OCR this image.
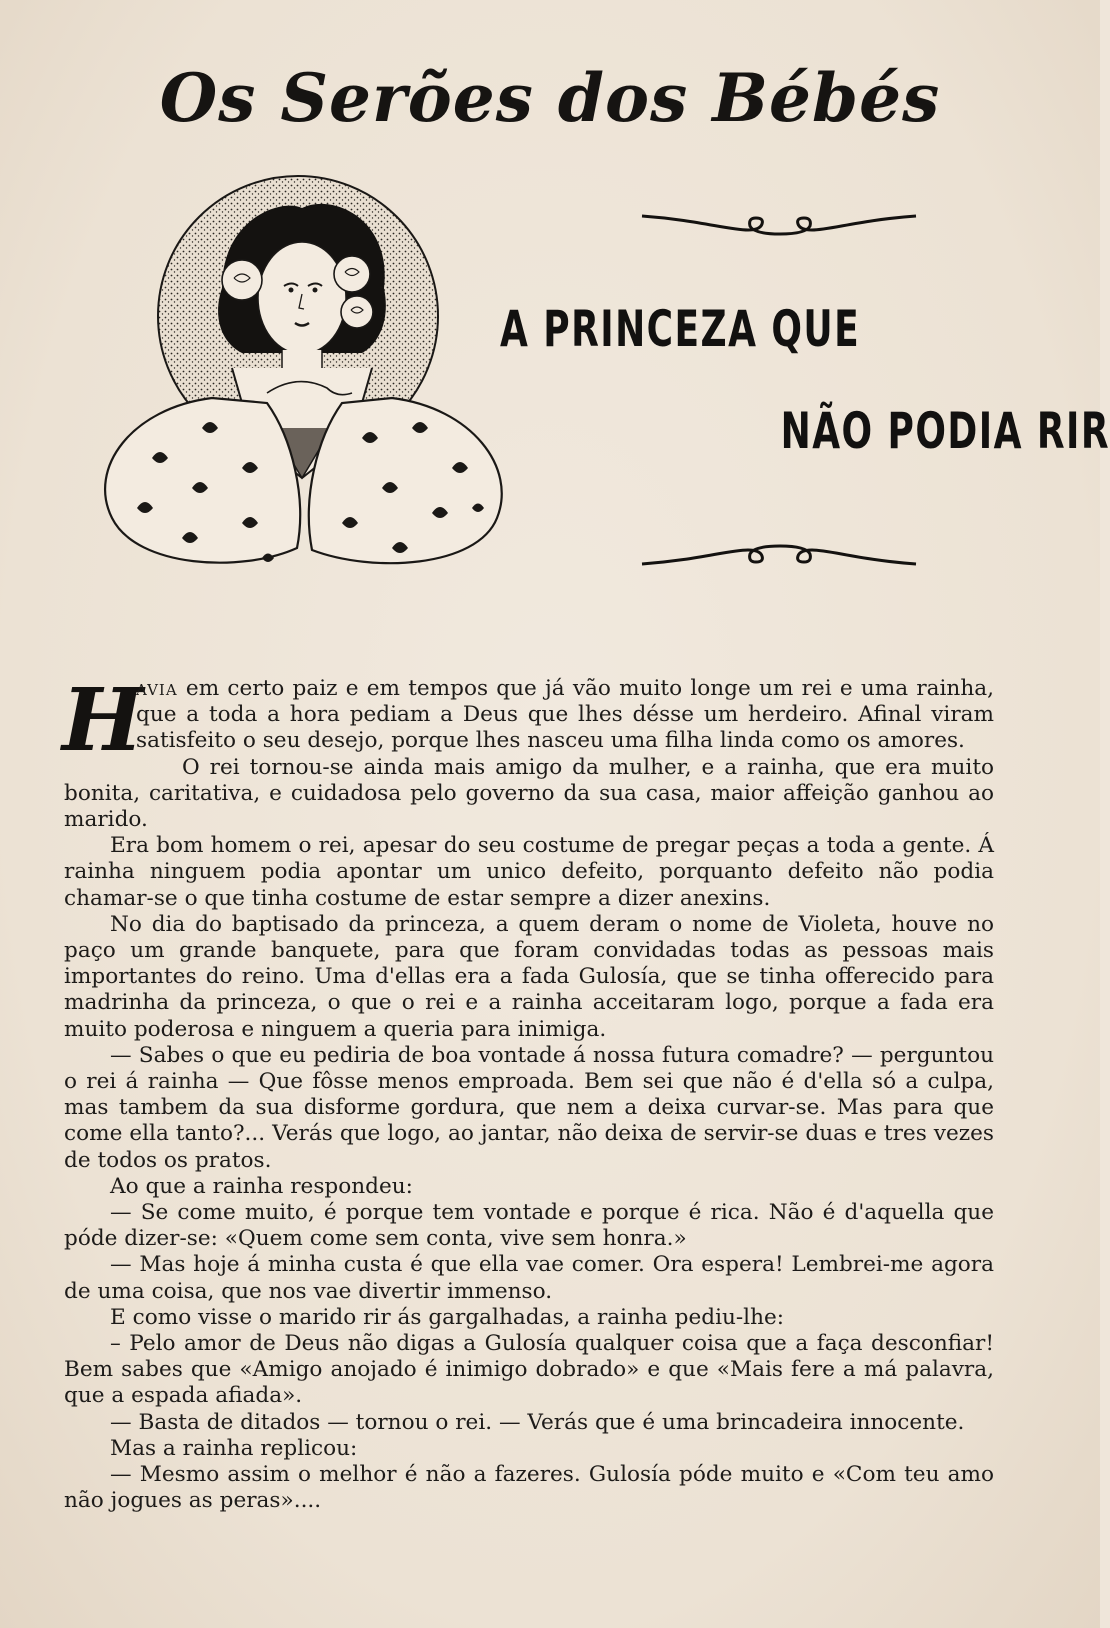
Os Serões dos Bébés
A PRINCEZA QUE
NÃO PODIA RIR

H
avia em certo paiz e em tempos que já vão muito longe um rei e uma rainha, que a toda a hora pediam a Deus que lhes désse um herdeiro. Afinal viram satisfeito o seu desejo, porque lhes nasceu uma filha linda como os amores.

O rei tornou-se ainda mais amigo da mulher, e a rainha, que era muito bonita, caritativa, e cuidadosa pelo governo da sua casa, maior affeição ganhou ao marido.

Era bom homem o rei, apesar do seu costume de pregar peças a toda a gente. Á rainha ninguem podia apontar um unico defeito, porquanto defeito não podia chamar-se o que tinha costume de estar sempre a dizer anexins.

No dia do baptisado da princeza, a quem deram o nome de Violeta, houve no paço um grande banquete, para que foram convidadas todas as pessoas mais importantes do reino. Uma d'ellas era a fada Gulosía, que se tinha offerecido para madrinha da princeza, o que o rei e a rainha acceitaram logo, porque a fada era muito poderosa e ninguem a queria para inimiga.

— Sabes o que eu pediria de boa vontade á nossa futura comadre? — perguntou o rei á rainha — Que fôsse menos emproada. Bem sei que não é d'ella só a culpa, mas tambem da sua disforme gordura, que nem a deixa curvar-se. Mas para que come ella tanto?... Verás que logo, ao jantar, não deixa de servir-se duas e tres vezes de todos os pratos.

Ao que a rainha respondeu:

— Se come muito, é porque tem vontade e porque é rica. Não é d'aquella que póde dizer-se: «Quem come sem conta, vive sem honra.»

— Mas hoje á minha custa é que ella vae comer. Ora espera! Lembrei-me agora de uma coisa, que nos vae divertir immenso.

E como visse o marido rir ás gargalhadas, a rainha pediu-lhe:

– Pelo amor de Deus não digas a Gulosía qualquer coisa que a faça desconfiar! Bem sabes que «Amigo anojado é inimigo dobrado» e que «Mais fere a má palavra, que a espada afiada».

— Basta de ditados — tornou o rei. — Verás que é uma brincadeira innocente.

Mas a rainha replicou:

— Mesmo assim o melhor é não a fazeres. Gulosía póde muito e «Com teu amo não jogues as peras»....
